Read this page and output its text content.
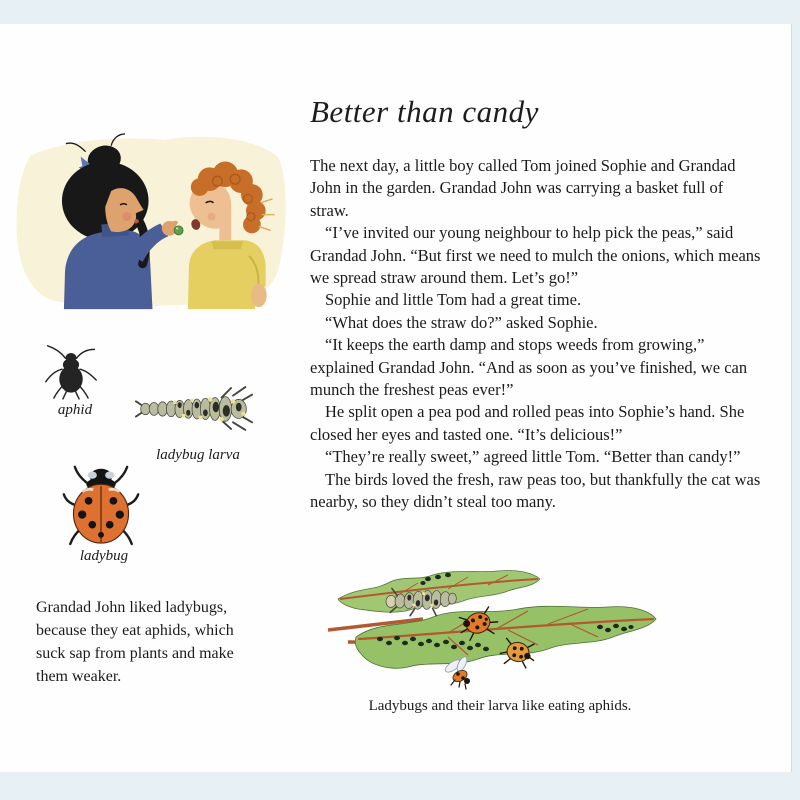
Better than candy

The next day, a little boy called Tom joined Sophie and Grandad John in the garden. Grandad John was carrying a basket full of straw.

“I’ve invited our young neighbour to help pick the peas,” said Grandad John. “But first we need to mulch the onions, which means we spread straw around them. Let’s go!”

Sophie and little Tom had a great time.

“What does the straw do?” asked Sophie.

“It keeps the earth damp and stops weeds from growing,” explained Grandad John. “And as soon as you’ve finished, we can munch the freshest peas ever!”

He split open a pea pod and rolled peas into Sophie’s hand. She closed her eyes and tasted one. “It’s delicious!”

“They’re really sweet,” agreed little Tom. “Better than candy!”

The birds loved the fresh, raw peas too, but thankfully the cat was nearby, so they didn’t steal too many.

aphid
ladybug larva
ladybug
Grandad John liked ladybugs, because they eat aphids, which suck sap from plants and make them weaker.
Ladybugs and their larva like eating aphids.
